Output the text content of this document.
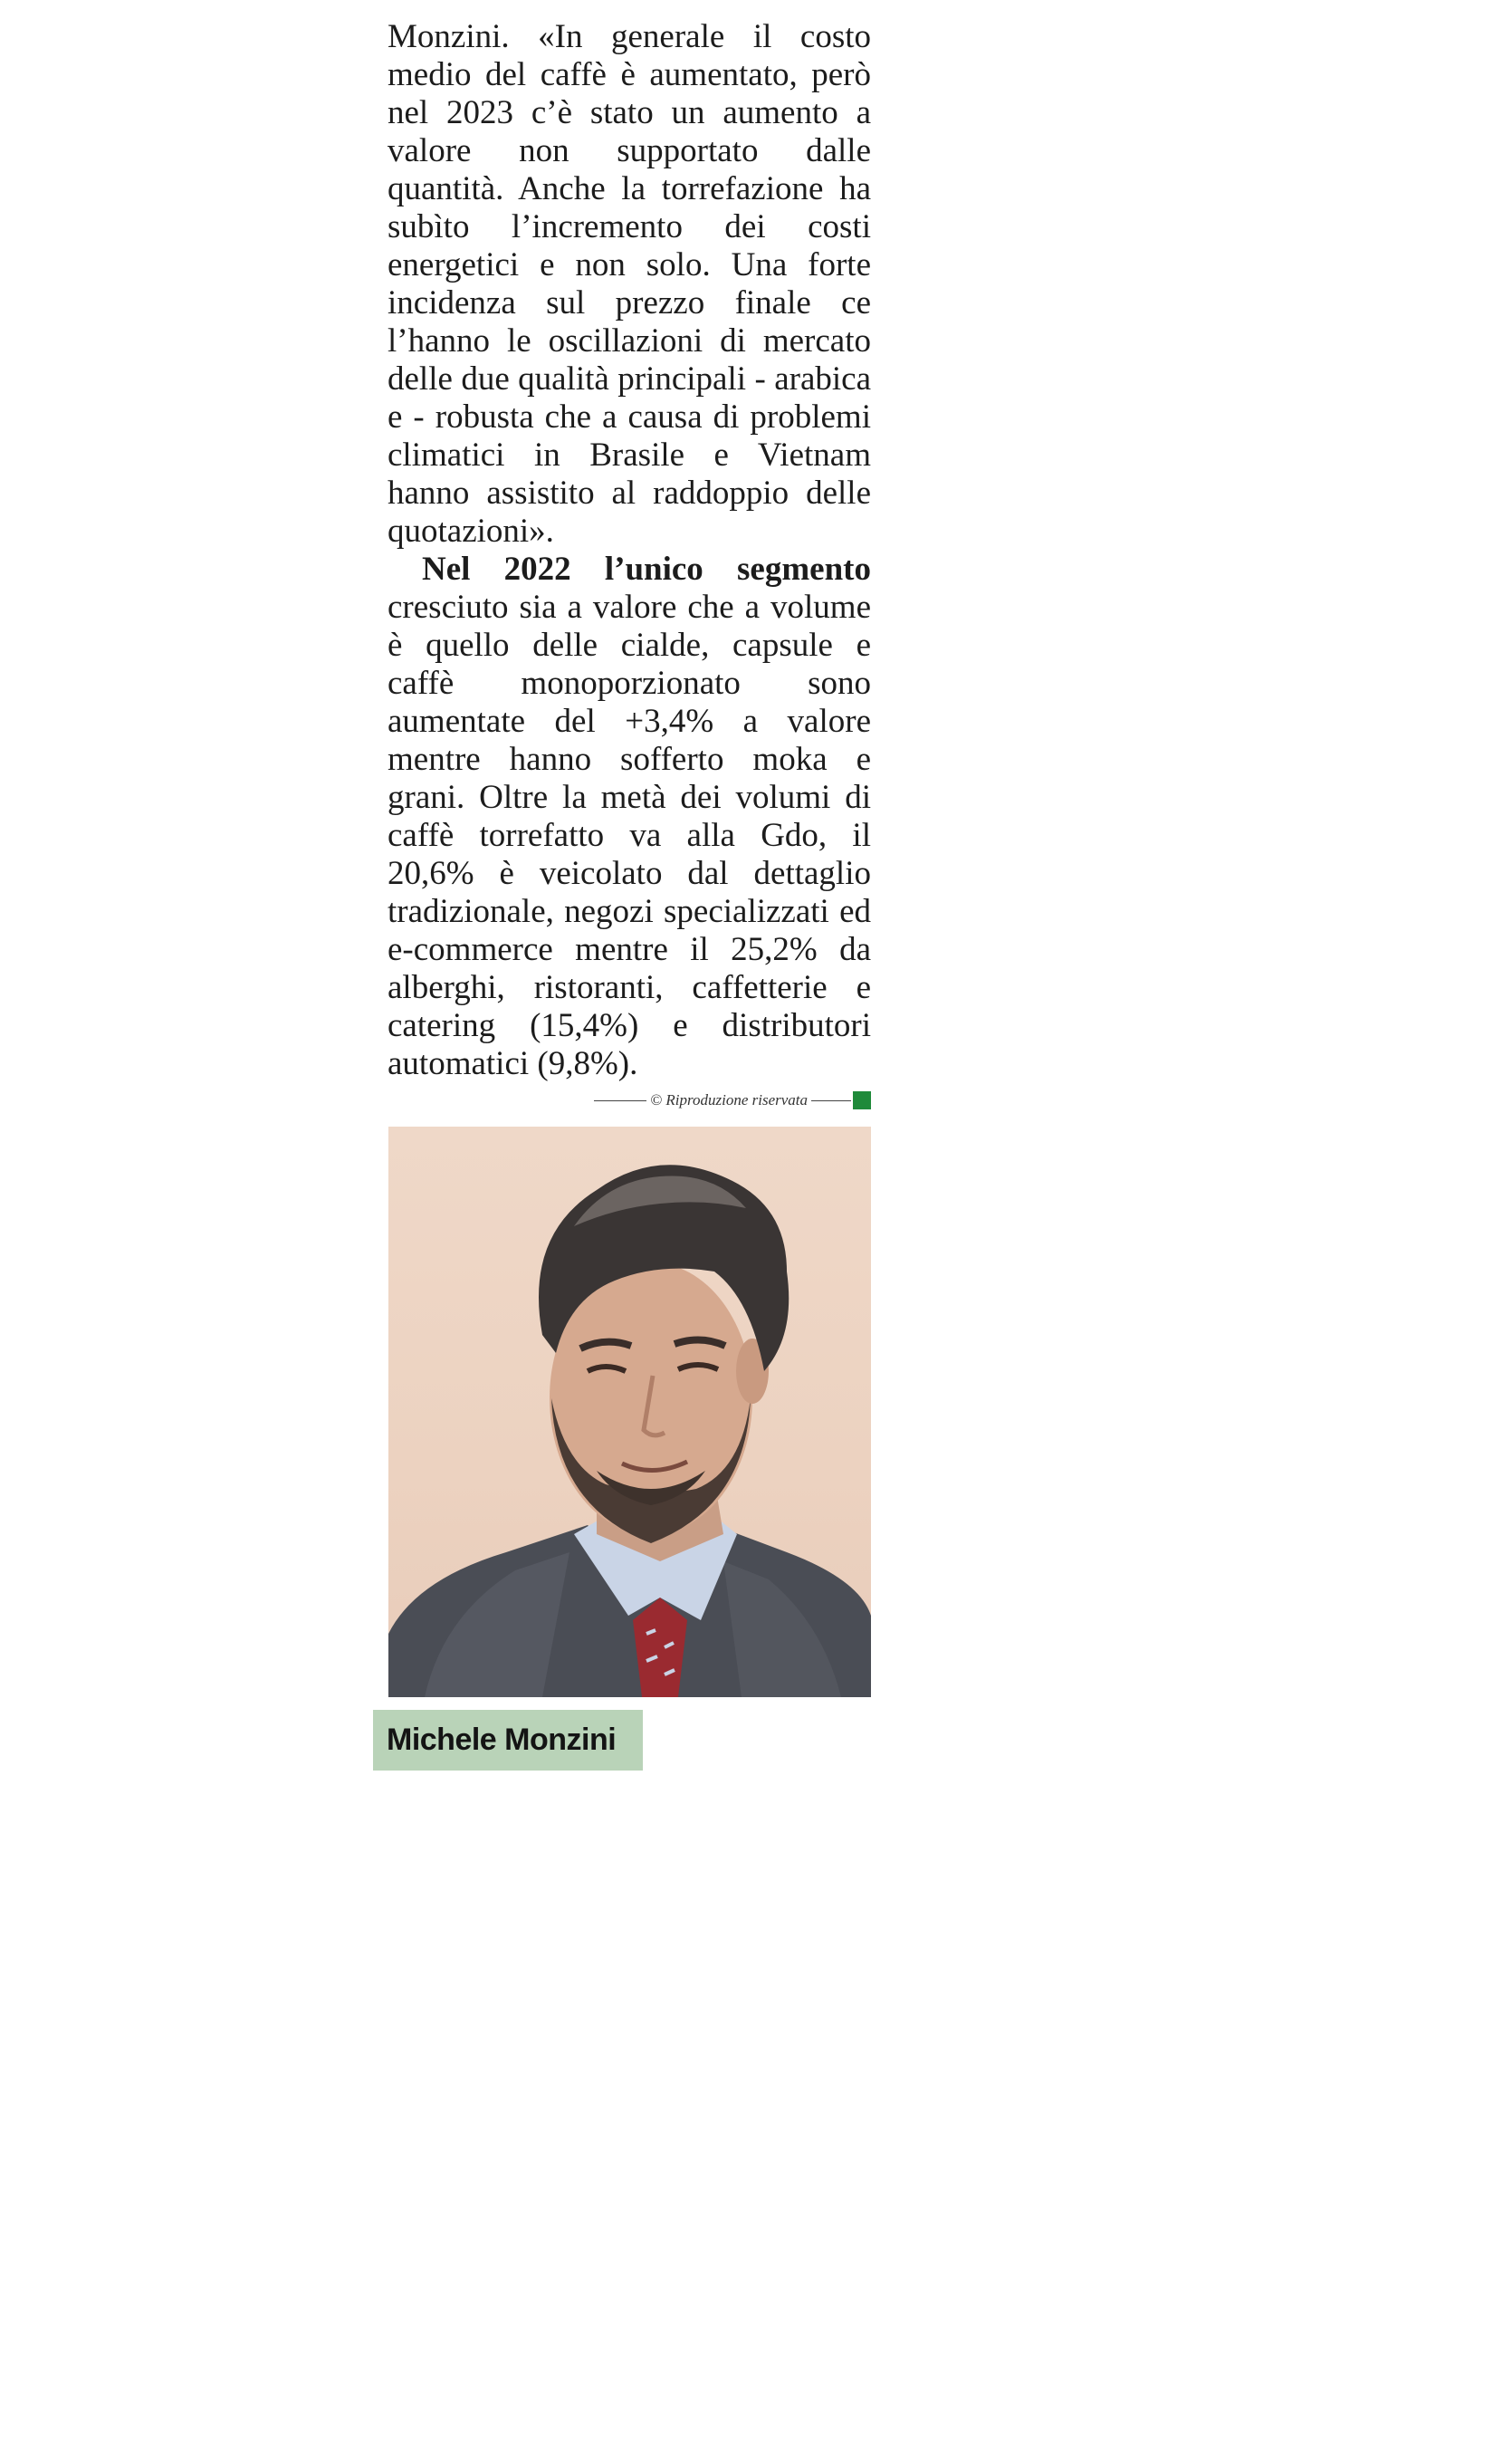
Monzini. «In generale il costo medio del caffè è aumentato, però nel 2023 c’è stato un aumento a valore non supportato dalle quantità. Anche la torrefazione ha subìto l’incremento dei costi energetici e non solo. Una forte incidenza sul prezzo finale ce l’hanno le oscillazioni di mercato delle due qualità principali - arabica e - robusta che a causa di problemi climatici in Brasile e Vietnam hanno assistito al raddoppio delle quotazioni».

Nel 2022 l’unico segmento cresciuto sia a valore che a volume è quello delle cialde, capsule e caffè monoporzionato sono aumentate del +3,4% a valore mentre hanno sofferto moka e grani. Oltre la metà dei volumi di caffè torrefatto va alla Gdo, il 20,6% è veicolato dal dettaglio tradizionale, negozi specializzati ed e-commerce mentre il 25,2% da alberghi, ristoranti, caffetterie e catering (15,4%) e distributori automatici (9,8%).

© Riproduzione riservata
Michele Monzini
